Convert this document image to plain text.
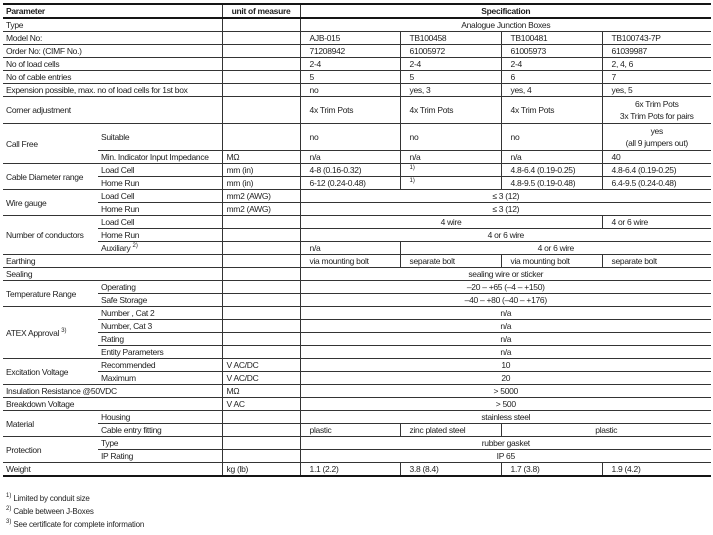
Parameter		unit of measure	Specification			
Type			Analogue Junction Boxes			
Model No:			AJB-015	TB100458	TB100481	TB100743-7P
Order No: (CIMF No.)			71208942	61005972	61005973	61039987
No of load cells			2-4	2-4	2-4	2, 4, 6
No of cable entries			5	5	6	7
Expension possible, max. no of load cells for 1st box			no	yes, 3	yes, 4	yes, 5
Corner adjustment			4x Trim Pots	4x Trim Pots	4x Trim Pots	6x Trim Pots
3x Trim Pots for pairs

Call Free	Suitable		no	no	no	yes
(all 9 jumpers out)

	Min. Indicator Input Impedance	MΩ	n/a	n/a	n/a	40
Cable Diameter range	Load Cell	mm (in)	4-8 (0.16-0.32)	$^{1)}$	4.8-6.4 (0.19-0.25)	4.8-6.4 (0.19-0.25)
	Home Run	mm (in)	6-12 (0.24-0.48)	$^{1)}$	4.8-9.5 (0.19-0.48)	6.4-9.5 (0.24-0.48)
Wire gauge	Load Cell	mm2 (AWG)	≤ 3 (12)			
	Home Run	mm2 (AWG)	≤ 3 (12)			
Number of conductors	Load Cell		4 wire			4 or 6 wire
	Home Run		4 or 6 wire			
	Auxiliary $^{2)}$		n/a	4 or 6 wire		
Earthing			via mounting bolt	separate bolt	via mounting bolt	separate bolt
Sealing			sealing wire or sticker			
Temperature Range	Operating		–20 – +65 (–4 – +150)			
	Safe Storage		–40 – +80 (–40 – +176)			
ATEX Approval $^{3)}$	Number , Cat 2		n/a			
	Number, Cat 3		n/a			
	Rating		n/a			
	Entity Parameters		n/a			
Excitation Voltage	Recommended	V AC/DC	10			
	Maximum	V AC/DC	20			
Insulation Resistance @50VDC		MΩ	> 5000			
Breakdown Voltage		V AC	> 500			
Material	Housing		stainless steel			
	Cable entry fitting		plastic	zinc plated steel	plastic	
Protection	Type		rubber gasket			
	IP Rating		IP 65			
Weight		kg (lb)	1.1 (2.2)	3.8 (8.4)	1.7 (3.8)	1.9 (4.2)
$^{1)}$ Limited by conduit size
$^{2)}$ Cable between J-Boxes
$^{3)}$ See certificate for complete information
